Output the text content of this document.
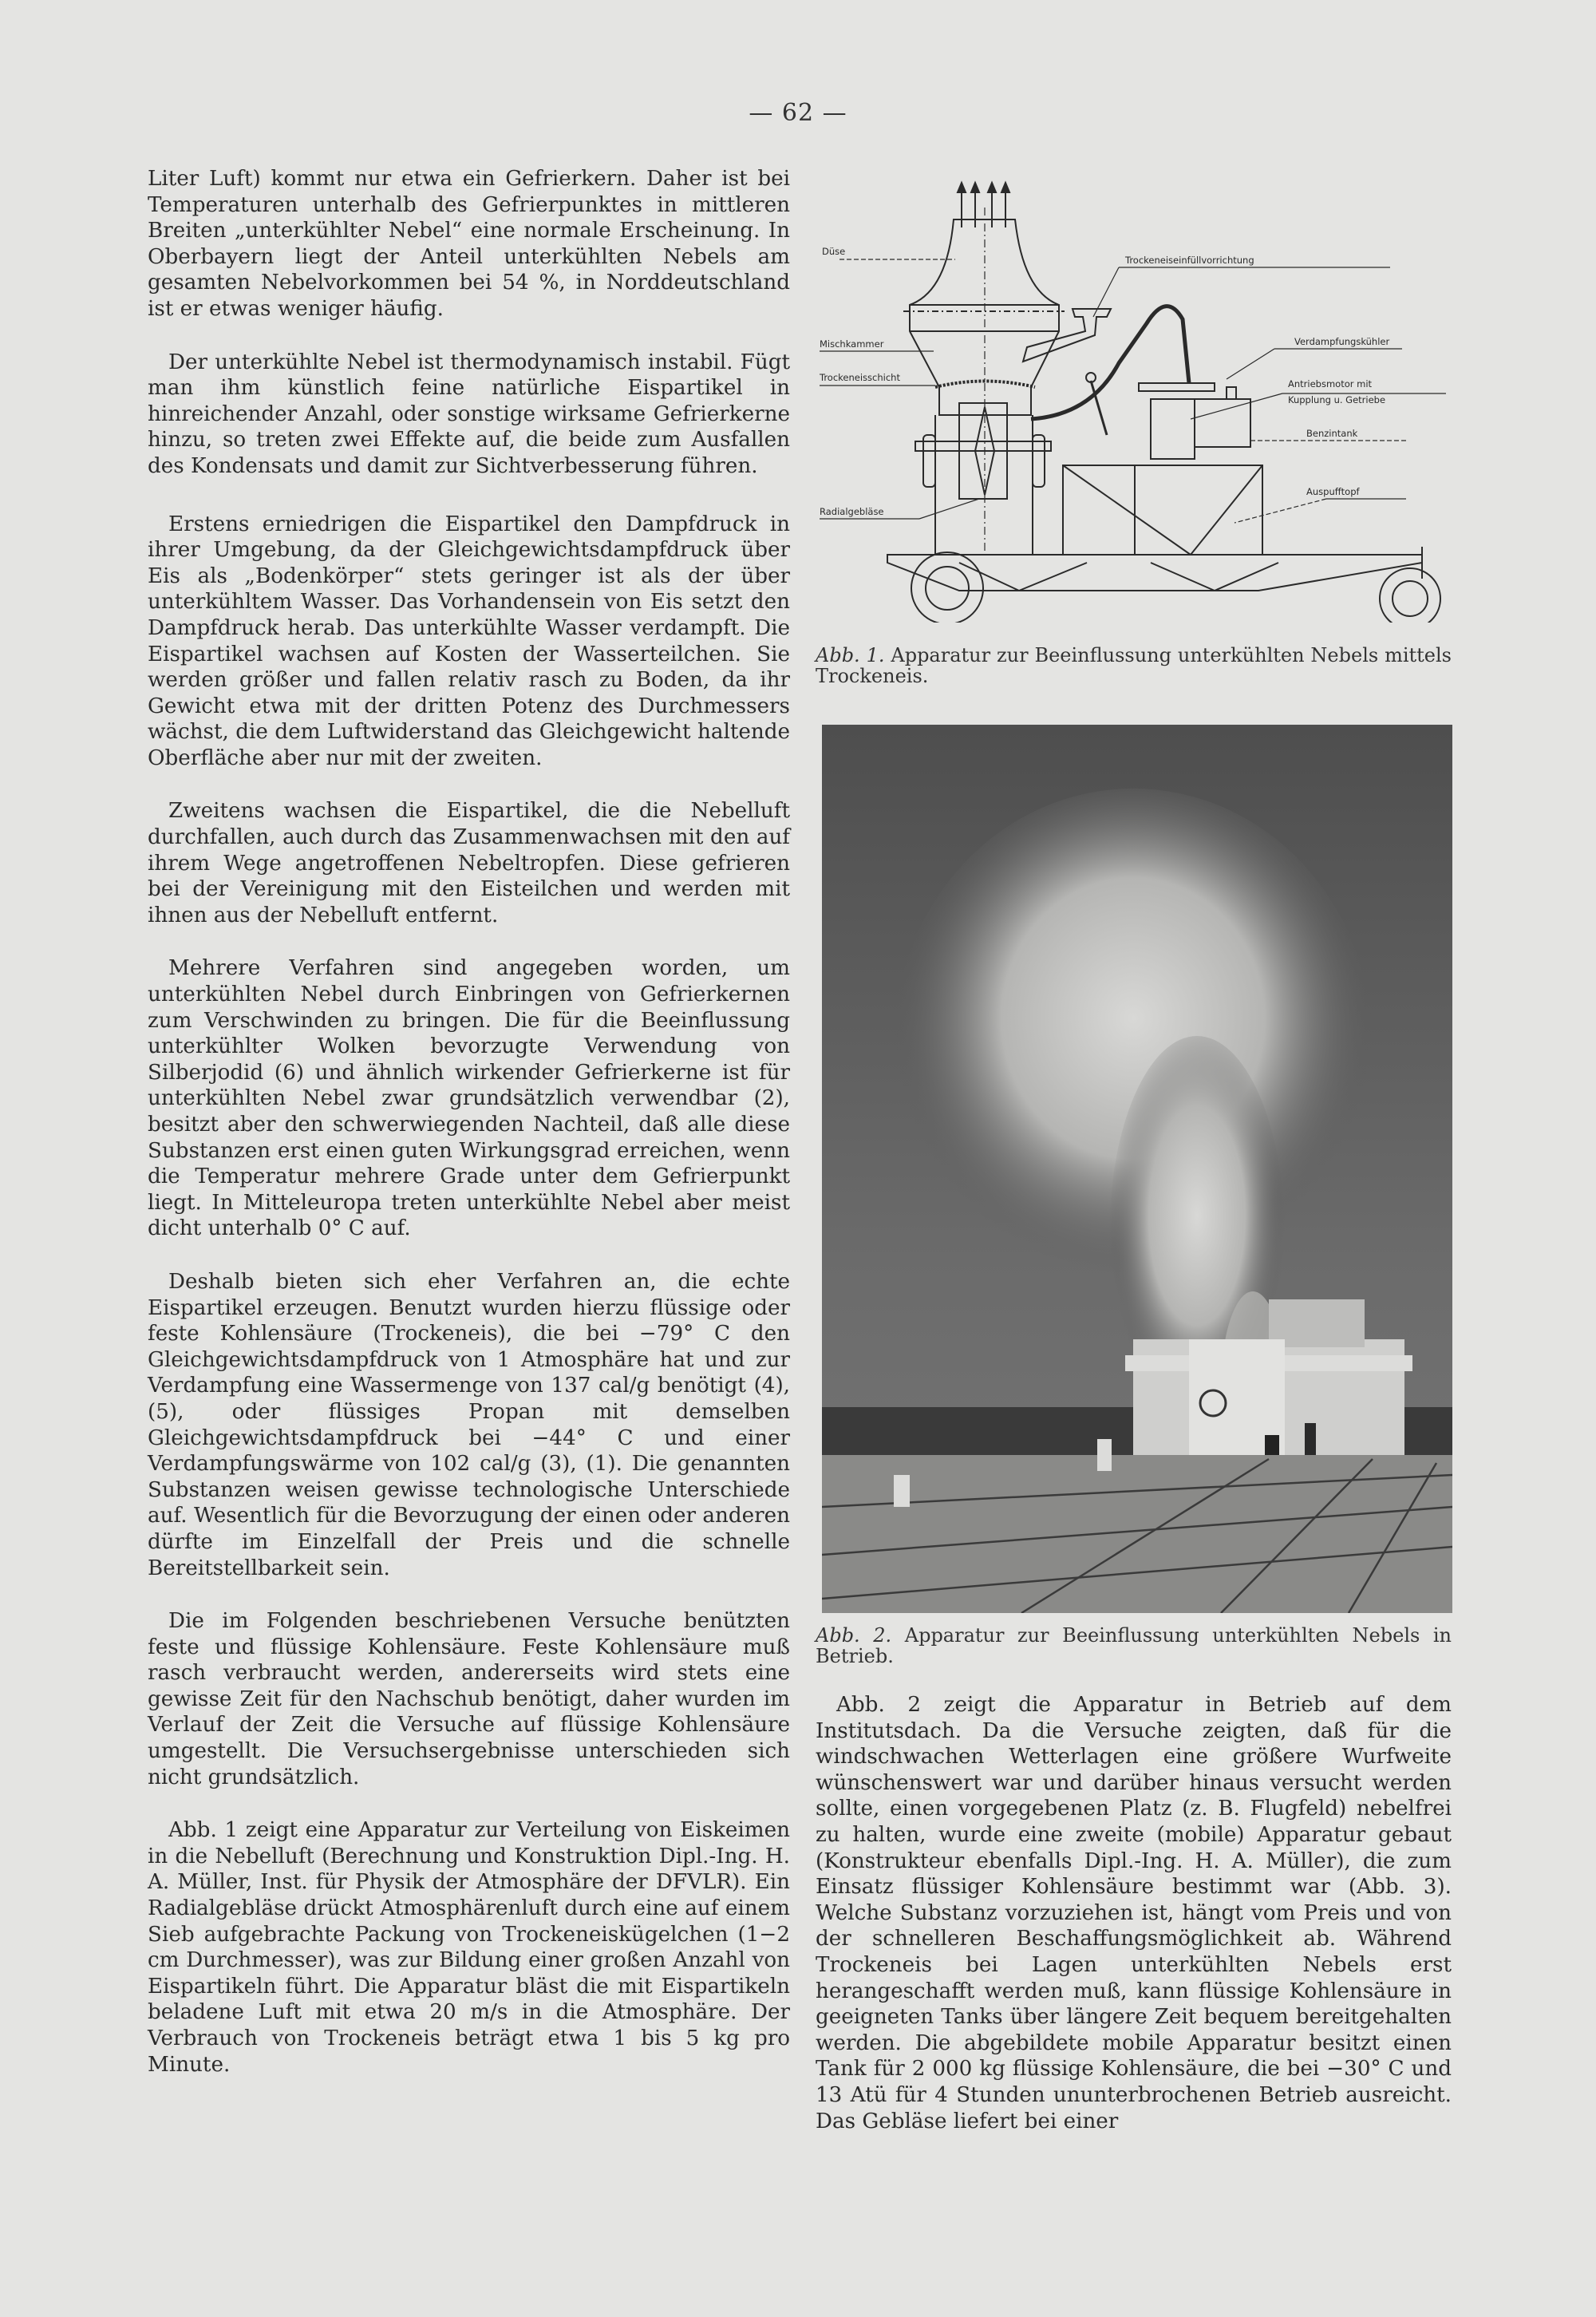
— 62 —

Liter Luft) kommt nur etwa ein Gefrierkern. Daher ist bei Temperaturen unterhalb des Gefrierpunktes in mittleren Breiten „unterkühlter Nebel“ eine normale Erscheinung. In Oberbayern liegt der Anteil unterkühlten Nebels am gesamten Nebelvorkommen bei 54 %, in Norddeutschland ist er etwas weniger häufig.

Der unterkühlte Nebel ist thermodynamisch instabil. Fügt man ihm künstlich feine natürliche Eispartikel in hinreichender Anzahl, oder sonstige wirksame Gefrierkerne hinzu, so treten zwei Effekte auf, die beide zum Ausfallen des Kondensats und damit zur Sichtverbesserung führen.

Erstens erniedrigen die Eispartikel den Dampfdruck in ihrer Umgebung, da der Gleichgewichtsdampfdruck über Eis als „Bodenkörper“ stets geringer ist als der über unterkühltem Wasser. Das Vorhandensein von Eis setzt den Dampfdruck herab. Das unterkühlte Wasser verdampft. Die Eispartikel wachsen auf Kosten der Wasserteilchen. Sie werden größer und fallen relativ rasch zu Boden, da ihr Gewicht etwa mit der dritten Potenz des Durchmessers wächst, die dem Luftwiderstand das Gleichgewicht haltende Oberfläche aber nur mit der zweiten.

Zweitens wachsen die Eispartikel, die die Nebelluft durchfallen, auch durch das Zusammenwachsen mit den auf ihrem Wege angetroffenen Nebeltropfen. Diese gefrieren bei der Vereinigung mit den Eisteilchen und werden mit ihnen aus der Nebelluft entfernt.

Mehrere Verfahren sind angegeben worden, um unterkühlten Nebel durch Einbringen von Gefrierkernen zum Verschwinden zu bringen. Die für die Beeinflussung unterkühlter Wolken bevorzugte Verwendung von Silberjodid (6) und ähnlich wirkender Gefrierkerne ist für unterkühlten Nebel zwar grundsätzlich verwendbar (2), besitzt aber den schwerwiegenden Nachteil, daß alle diese Substanzen erst einen guten Wirkungsgrad erreichen, wenn die Temperatur mehrere Grade unter dem Gefrierpunkt liegt. In Mitteleuropa treten unterkühlte Nebel aber meist dicht unterhalb 0° C auf.

Deshalb bieten sich eher Verfahren an, die echte Eispartikel erzeugen. Benutzt wurden hierzu flüssige oder feste Kohlensäure (Trockeneis), die bei −79° C den Gleichgewichtsdampfdruck von 1 Atmosphäre hat und zur Verdampfung eine Wassermenge von 137 cal/g benötigt (4), (5), oder flüssiges Propan mit demselben Gleichgewichtsdampfdruck bei −44° C und einer Verdampfungswärme von 102 cal/g (3), (1). Die genannten Substanzen weisen gewisse technologische Unterschiede auf. Wesentlich für die Bevorzugung der einen oder anderen dürfte im Einzelfall der Preis und die schnelle Bereitstellbarkeit sein.

Die im Folgenden beschriebenen Versuche benützten feste und flüssige Kohlensäure. Feste Kohlensäure muß rasch verbraucht werden, andererseits wird stets eine gewisse Zeit für den Nachschub benötigt, daher wurden im Verlauf der Zeit die Versuche auf flüssige Kohlensäure umgestellt. Die Versuchsergebnisse unterschieden sich nicht grundsätzlich.

Abb. 1 zeigt eine Apparatur zur Verteilung von Eiskeimen in die Nebelluft (Berechnung und Konstruktion Dipl.-Ing. H. A. Müller, Inst. für Physik der Atmosphäre der DFVLR). Ein Radialgebläse drückt Atmosphärenluft durch eine auf einem Sieb aufgebrachte Packung von Trockeneiskügelchen (1−2 cm Durchmesser), was zur Bildung einer großen Anzahl von Eispartikeln führt. Die Apparatur bläst die mit Eispartikeln beladene Luft mit etwa 20 m/s in die Atmosphäre. Der Verbrauch von Trockeneis beträgt etwa 1 bis 5 kg pro Minute.

Düse
Mischkammer
Trockeneisschicht
Radialgebläse
Trockeneiseinfüllvorrichtung
Verdampfungskühler
Antriebsmotor mit
Kupplung u. Getriebe
Benzintank
Auspufftopf
Abb. 1. Apparatur zur Beeinflussung unterkühlten Nebels mittels Trockeneis.
Abb. 2. Apparatur zur Beeinflussung unterkühlten Nebels in Betrieb.

Abb. 2 zeigt die Apparatur in Betrieb auf dem Institutsdach. Da die Versuche zeigten, daß für die windschwachen Wetterlagen eine größere Wurfweite wünschenswert war und darüber hinaus versucht werden sollte, einen vorgegebenen Platz (z. B. Flugfeld) nebelfrei zu halten, wurde eine zweite (mobile) Apparatur gebaut (Konstrukteur ebenfalls Dipl.-Ing. H. A. Müller), die zum Einsatz flüssiger Kohlensäure bestimmt war (Abb. 3). Welche Substanz vorzuziehen ist, hängt vom Preis und von der schnelleren Beschaffungsmöglichkeit ab. Während Trockeneis bei Lagen unterkühlten Nebels erst herangeschafft werden muß, kann flüssige Kohlensäure in geeigneten Tanks über längere Zeit bequem bereitgehalten werden. Die abgebildete mobile Apparatur besitzt einen Tank für 2 000 kg flüssige Kohlensäure, die bei −30° C und 13 Atü für 4 Stunden ununterbrochenen Betrieb ausreicht. Das Gebläse liefert bei einer
